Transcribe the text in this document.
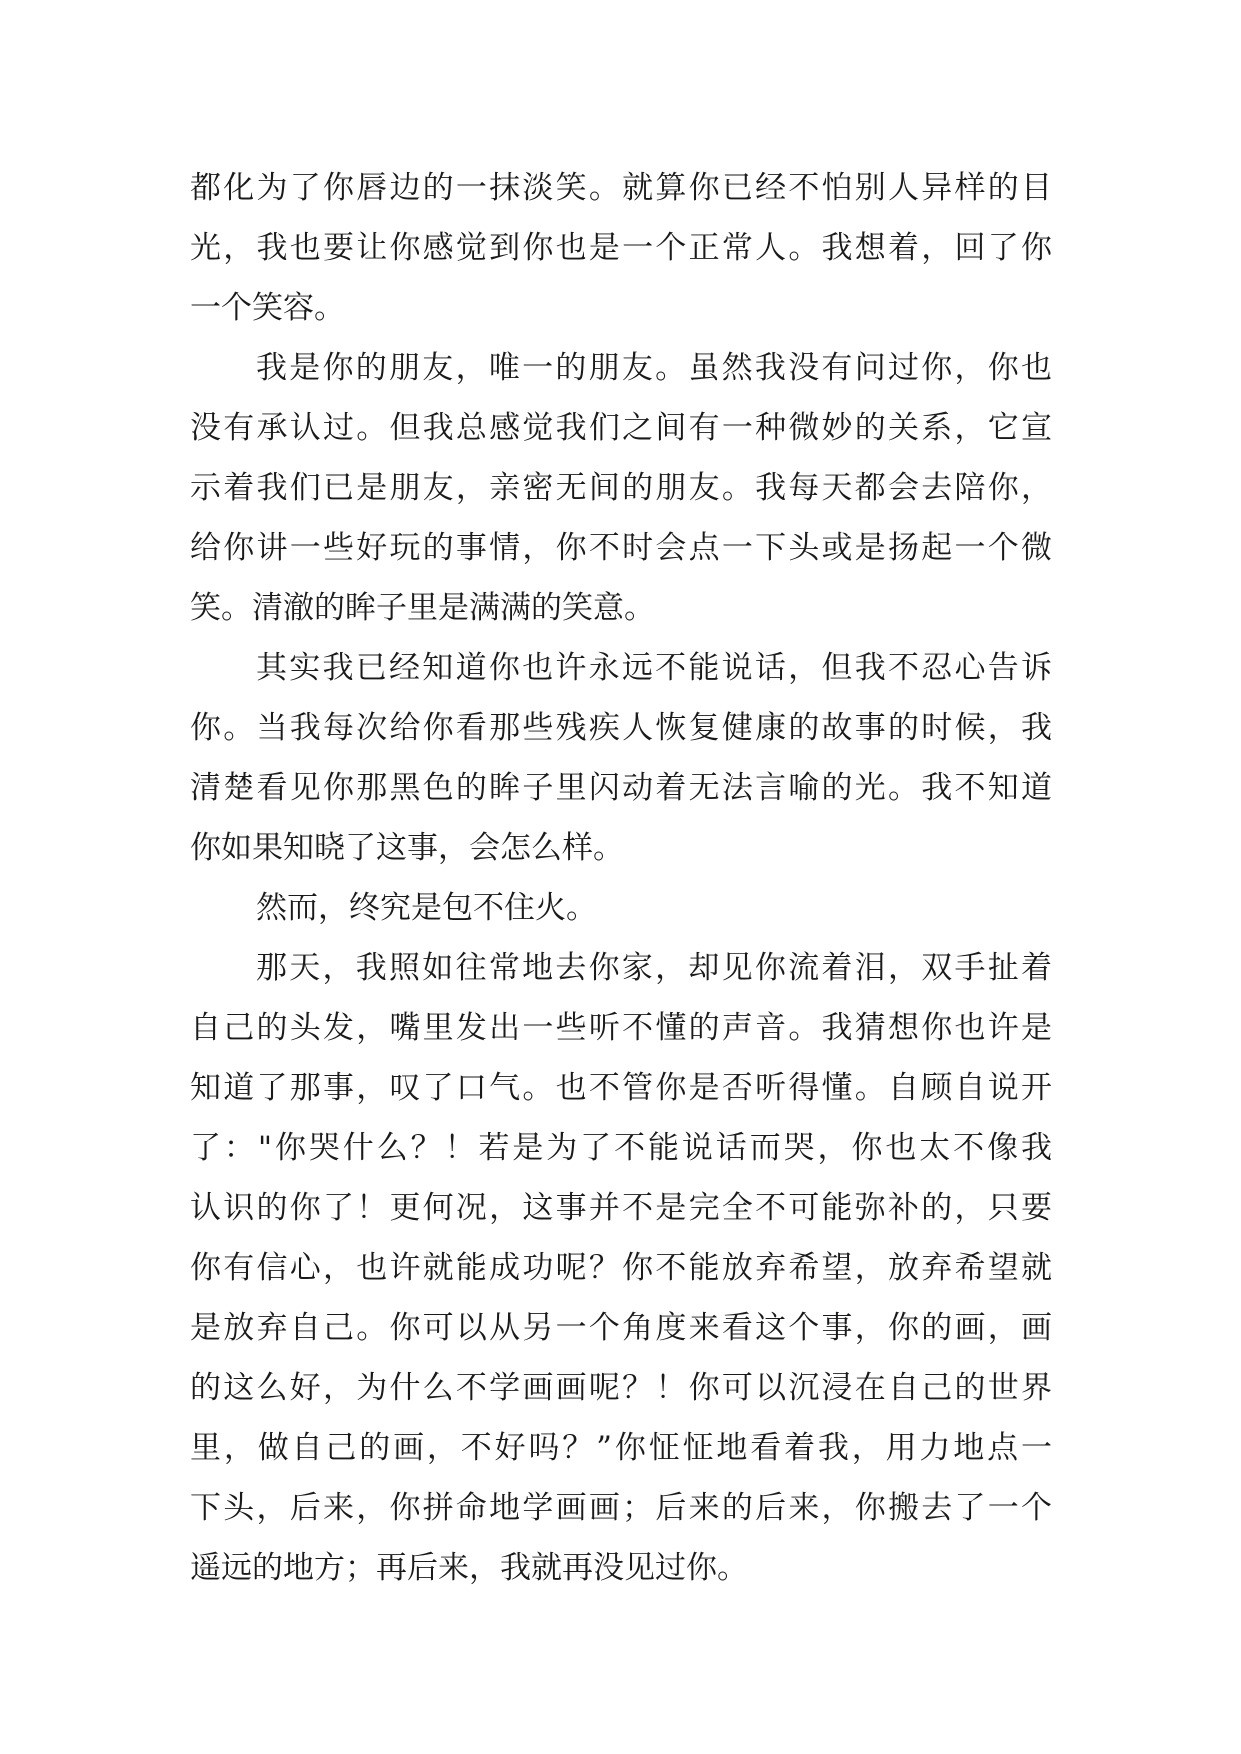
都化为了你唇边的一抹淡笑。就算你已经不怕别人异样的目
光，我也要让你感觉到你也是一个正常人。我想着，回了你
一个笑容。
我是你的朋友，唯一的朋友。虽然我没有问过你，你也
没有承认过。但我总感觉我们之间有一种微妙的关系，它宣
示着我们已是朋友，亲密无间的朋友。我每天都会去陪你，
给你讲一些好玩的事情，你不时会点一下头或是扬起一个微
笑。清澈的眸子里是满满的笑意。
其实我已经知道你也许永远不能说话，但我不忍心告诉
你。当我每次给你看那些残疾人恢复健康的故事的时候，我
清楚看见你那黑色的眸子里闪动着无法言喻的光。我不知道
你如果知晓了这事，会怎么样。
然而，终究是包不住火。
那天，我照如往常地去你家，却见你流着泪，双手扯着
自己的头发，嘴里发出一些听不懂的声音。我猜想你也许是
知道了那事，叹了口气。也不管你是否听得懂。自顾自说开
了："你哭什么？！若是为了不能说话而哭，你也太不像我
认识的你了！更何况，这事并不是完全不可能弥补的，只要
你有信心，也许就能成功呢？你不能放弃希望，放弃希望就
是放弃自己。你可以从另一个角度来看这个事，你的画，画
的这么好，为什么不学画画呢？！你可以沉浸在自己的世界
里，做自己的画，不好吗？”你怔怔地看着我，用力地点一
下头，后来，你拼命地学画画；后来的后来，你搬去了一个
遥远的地方；再后来，我就再没见过你。
